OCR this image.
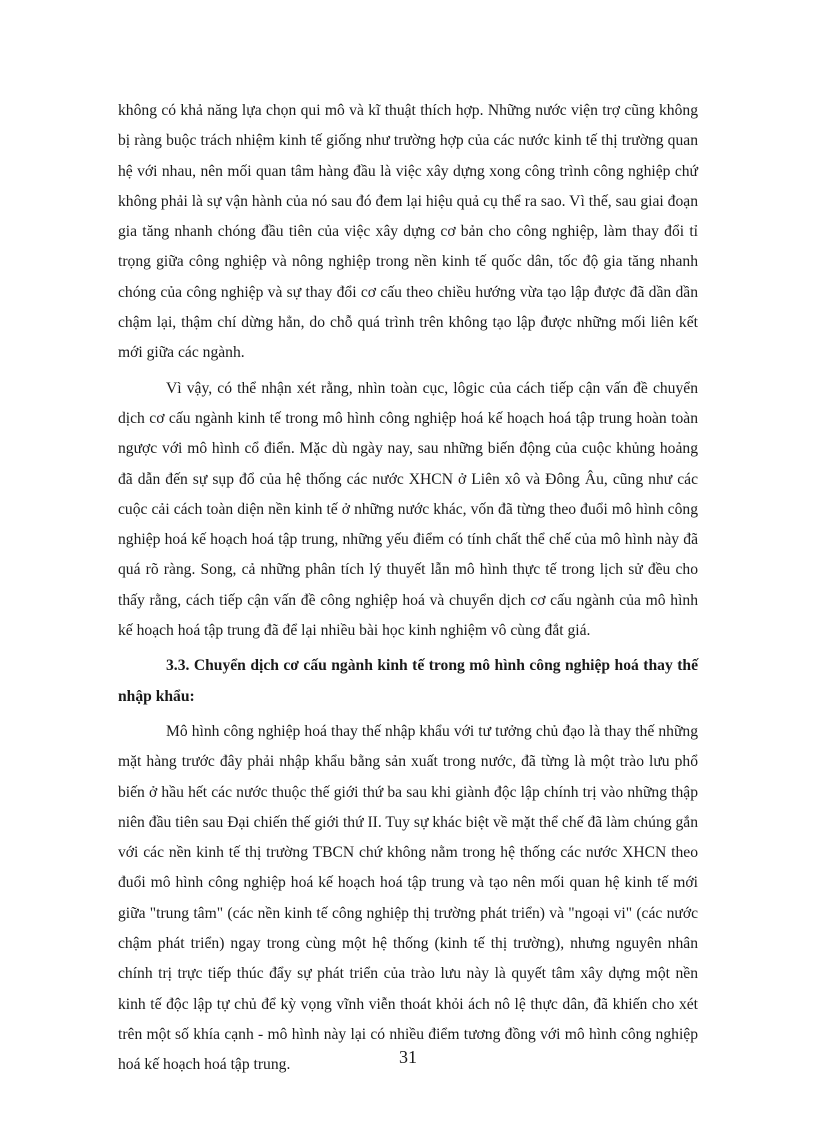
không có khả năng lựa chọn qui mô và kĩ thuật thích hợp. Những nước viện trợ cũng không bị ràng buộc trách nhiệm kinh tế giống như trường hợp của các nước kinh tế thị trường quan hệ với nhau, nên mối quan tâm hàng đầu là việc xây dựng xong công trình công nghiệp chứ không phải là sự vận hành của nó sau đó đem lại hiệu quả cụ thể ra sao. Vì thế, sau giai đoạn gia tăng nhanh chóng đầu tiên của việc xây dựng cơ bản cho công nghiệp, làm thay đổi tỉ trọng giữa công nghiệp và nông nghiệp trong nền kinh tế quốc dân, tốc độ gia tăng nhanh chóng của công nghiệp và sự thay đổi cơ cấu theo chiều hướng vừa tạo lập được đã dần dần chậm lại, thậm chí dừng hẳn, do chỗ quá trình trên không tạo lập được những mối liên kết mới giữa các ngành.

Vì vậy, có thể nhận xét rằng, nhìn toàn cục, lôgic của cách tiếp cận vấn đề chuyển dịch cơ cấu ngành kinh tế trong mô hình công nghiệp hoá kế hoạch hoá tập trung hoàn toàn ngược với mô hình cổ điển. Mặc dù ngày nay, sau những biến động của cuộc khủng hoảng đã dẫn đến sự sụp đổ của hệ thống các nước XHCN ở Liên xô và Đông Âu, cũng như các cuộc cải cách toàn diện nền kinh tế ở những nước khác, vốn đã từng theo đuổi mô hình công nghiệp hoá kế hoạch hoá tập trung, những yếu điểm có tính chất thể chế của mô hình này đã quá rõ ràng. Song, cả những phân tích lý thuyết lẫn mô hình thực tế trong lịch sử đều cho thấy rằng, cách tiếp cận vấn đề công nghiệp hoá và chuyển dịch cơ cấu ngành của mô hình kế hoạch hoá tập trung đã để lại nhiều bài học kinh nghiệm vô cùng đắt giá.

3.3. Chuyển dịch cơ cấu ngành kinh tế trong mô hình công nghiệp hoá thay thế nhập khẩu:

Mô hình công nghiệp hoá thay thế nhập khẩu với tư tưởng chủ đạo là thay thế những mặt hàng trước đây phải nhập khẩu bằng sản xuất trong nước, đã từng là một trào lưu phổ biến ở hầu hết các nước thuộc thế giới thứ ba sau khi giành độc lập chính trị vào những thập niên đầu tiên sau Đại chiến thế giới thứ II. Tuy sự khác biệt về mặt thể chế đã làm chúng gắn với các nền kinh tế thị trường TBCN chứ không nằm trong hệ thống các nước XHCN theo đuổi mô hình công nghiệp hoá kế hoạch hoá tập trung và tạo nên mối quan hệ kinh tế mới giữa "trung tâm" (các nền kinh tế công nghiệp thị trường phát triển) và "ngoại vi" (các nước chậm phát triển) ngay trong cùng một hệ thống (kinh tế thị trường), nhưng nguyên nhân chính trị trực tiếp thúc đẩy sự phát triển của trào lưu này là quyết tâm xây dựng một nền kinh tế độc lập tự chủ để kỳ vọng vĩnh viễn thoát khỏi ách nô lệ thực dân, đã khiến cho xét trên một số khía cạnh - mô hình này lại có nhiều điểm tương đồng với mô hình công nghiệp hoá kế hoạch hoá tập trung.	31
